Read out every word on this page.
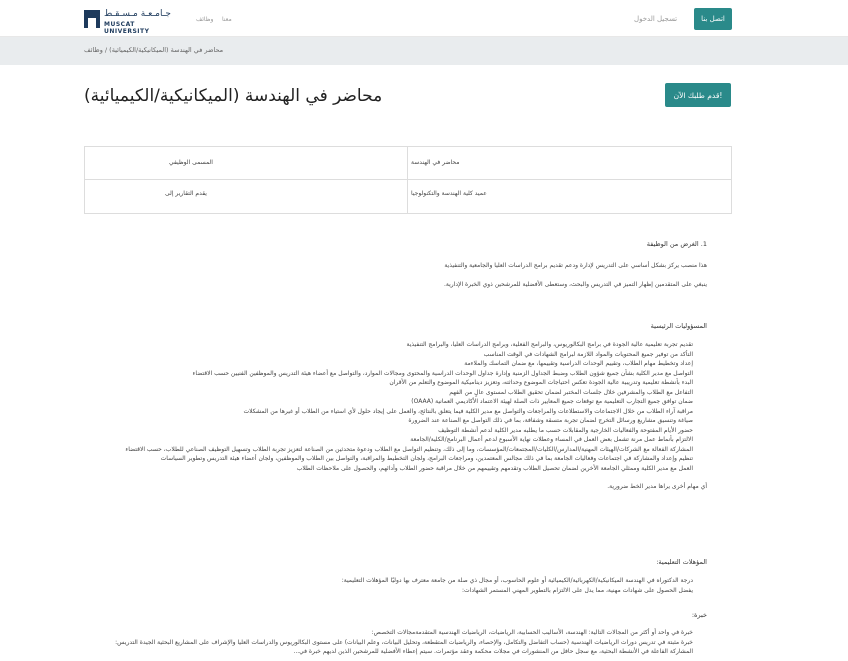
جـامـعـة مـسـقـط
MUSCAT UNIVERSITY
معنا
وظائف	تسجيل الدخول	اتصل بنا
محاضر في الهندسة (الميكانيكية/الكيميائية) / وظائف
محاضر في الهندسة (الميكانيكية/الكيميائية)	قدم طلبك الآن!
المسمى الوظيفي	محاضر في الهندسة
يقدم التقارير إلى	عميد كلية الهندسة والتكنولوجيا
1. الغرض من الوظيفة
هذا منصب يركز بشكل أساسي على التدريس لإدارة ودعم تقديم برامج الدراسات العليا والجامعية والتنفيذية
ينبغي على المتقدمين إظهار التميز في التدريس والبحث، وستعطى الأفضلية للمرشحين ذوي الخبرة الإدارية.
المسؤوليات الرئيسية
• تقديم تجربة تعليمية عالية الجودة في برامج البكالوريوس، والبرامج الفعلية، وبرامج الدراسات العليا، والبرامج التنفيذية
• التأكد من توفير جميع المحتويات والمواد اللازمة لبرامج الشهادات في الوقت المناسب
• إعداد وتخطيط مهام الطلاب، وتقييم الوحدات الدراسية وتقييمها، مع ضمان التماسك والملاءمة
• التواصل مع مدير الكلية بشأن جميع شؤون الطلاب وضبط الجداول الزمنية وإدارة جداول الوحدات الدراسية والمحتوى ومجالات الموارد، والتواصل مع أعضاء هيئة التدريس والموظفين الفنيين حسب الاقتضاء
• البدء بأنشطة تعليمية وتدريبية عالية الجودة تعكس احتياجات الموضوع وحداثته، وتعزيز ديناميكية الموضوع والتعلم من الأقران
• التفاعل مع الطلاب والمشرفين خلال جلسات المختبر لضمان تحقيق الطلاب لمستوى عالٍ من الفهم
• ضمان توافق جميع التجارب التعليمية مع توقعات جميع المعايير ذات الصلة لهيئة الاعتماد الأكاديمي العمانية (OAAA)
• مراقبة آراء الطلاب من خلال الاجتماعات والاستطلاعات والمراجعات والتواصل مع مدير الكلية فيما يتعلق بالنتائج، والعمل على إيجاد حلول لأي استياء من الطلاب أو غيرها من المشكلات
• صياغة وتنسيق مشاريع ورسائل التخرج لضمان تجربة متسقة وشفافة، بما في ذلك التواصل مع الصناعة عند الضرورة
• حضور الأيام المفتوحة والفعاليات الخارجية والمقابلات حسب ما يطلبه مدير الكلية لدعم أنشطة التوظيف
• الالتزام بأنماط عمل مرنة تشمل بعض العمل في المساء وعطلات نهاية الأسبوع لدعم أعمال البرنامج/الكلية/الجامعة
• المشاركة الفعالة مع الشركات/الهيئات المهنية/المدارس/الكليات/المجتمعات/المؤسسات، وما إلى ذلك، وتنظيم التواصل مع الطلاب ودعوة متحدثين من الصناعة لتعزيز تجربة الطلاب وتسهيل التوظيف الصناعي للطلاب، حسب الاقتضاء
• تنظيم وإعداد والمشاركة في اجتماعات وفعاليات الجامعة بما في ذلك مجالس المعتمدين، ومراجعات البرامج، ولجان التخطيط والمراقبة، والتواصل بين الطلاب والموظفين، ولجان أعضاء هيئة التدريس وتطوير السياسات
• العمل مع مدير الكلية وممثلي الجامعة الأخرين لضمان تحصيل الطلاب وتقدمهم وتقييمهم من خلال مراقبة حضور الطلاب وأدائهم، والحصول على ملاحظات الطلاب
أي مهام أخرى يراها مدير الخط ضرورية.
المؤهلات التعليمية:
• درجة الدكتوراه في الهندسة الميكانيكية/الكهربائية/الكيميائية أو علوم الحاسوب، أو مجال ذي صلة من جامعة معترف بها دوليًا المؤهلات التعليمية:
• يفضل الحصول على شهادات مهنية، مما يدل على الالتزام بالتطوير المهني المستمر الشهادات:
خبرة:
• خبرة في واحد أو أكثر من المجالات التالية: الهندسة، الأساليب الحسابية، الرياضيات، الرياضيات الهندسية المتقدمةمجالات التخصص:
• خبرة مثبتة في تدريس دورات الرياضيات الهندسية (حساب التفاضل والتكامل، والإحصاء، والرياضيات المتقطعة، وتحليل البيانات، وعلم البيانات) على مستوى البكالوريوس والدراسات العليا والإشراف على المشاريع البحثية الجيدة التدريس:
• المشاركة الفاعلة في الأنشطة البحثية، مع سجل حافل من المنشورات في مجلات محكمة وعقد مؤتمرات. سيتم إعطاء الأفضلية للمرشحين الذين لديهم خبرة في...
